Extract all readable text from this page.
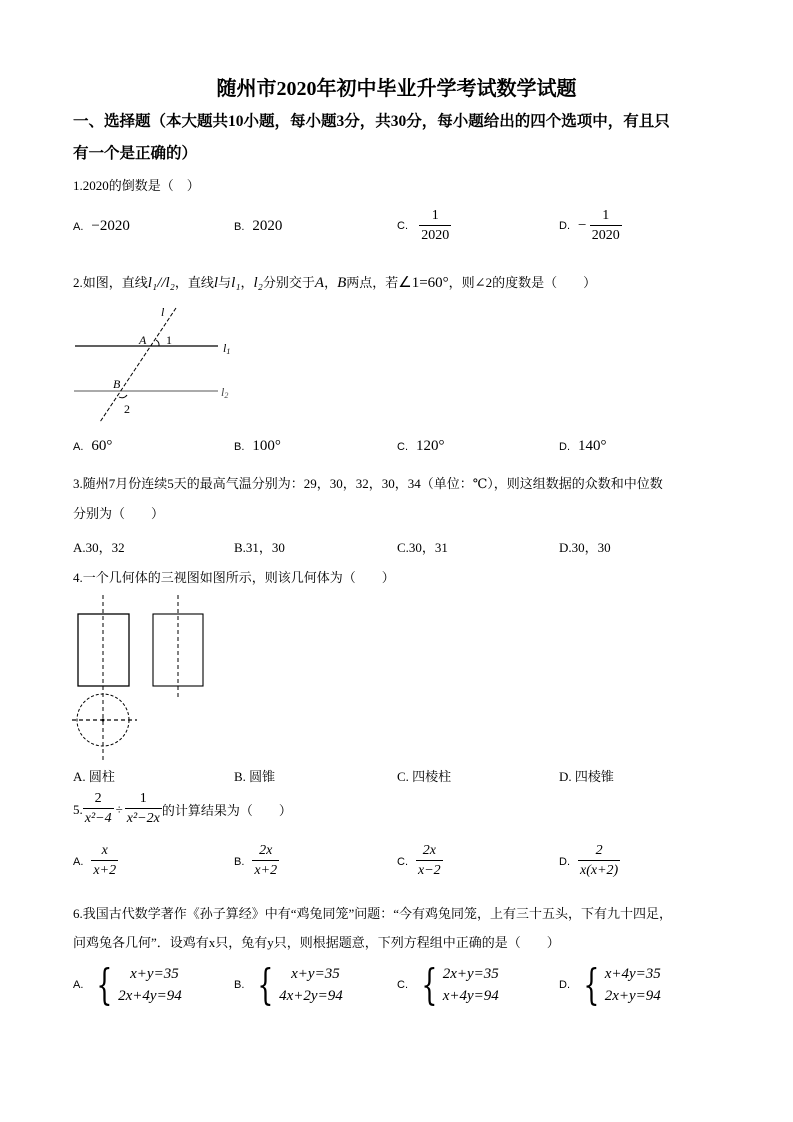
随州市2020年初中毕业升学考试数学试题
一、选择题（本大题共10小题，每小题3分，共30分，每小题给出的四个选项中，有且只
有一个是正确的）
1.2020的倒数是（　）
A. −2020	B. 2020	C. $\frac{1}{2020}$	D. − $\frac{1}{2020}$
2.如图，直线l₁//l₂，直线l与l₁，l₂分别交于A，B两点，若∠1=60°，则∠2的度数是（　　）
l
A 1
l1
B
2
l2
A. 60°	B. 100°	C. 120°	D. 140°
3.随州7月份连续5天的最高气温分别为：29，30，32，30，34（单位：℃），则这组数据的众数和中位数
分别为（　　）
A.30，32	B.31，30	C.30，31	D.30，30
4.一个几何体的三视图如图所示，则该几何体为（　　）
A. 圆柱	B. 圆锥	C. 四棱柱	D. 四棱锥
5. $\frac{2}{\text{x²−4}} \div \frac{1}{\text{x²−2x}}$ 的计算结果为（　　）
A. $\frac{x}{x+2}$	B. $\frac{2x}{x+2}$	C. $\frac{2x}{x-2}$	D. $\frac{2}{x(x+2)}$
6.我国古代数学著作《孙子算经》中有“鸡兔同笼”问题：“今有鸡兔同笼，上有三十五头，下有九十四足，
问鸡兔各几何”．设鸡有x只，兔有y只，则根据题意，下列方程组中正确的是（　　）
A. {	x+y=35
2x+4y=94
B. {	x+y=35
4x+2y=94
C. { 2x+y=35
x+4y=94
D. { x+4y=35
2x+y=94
